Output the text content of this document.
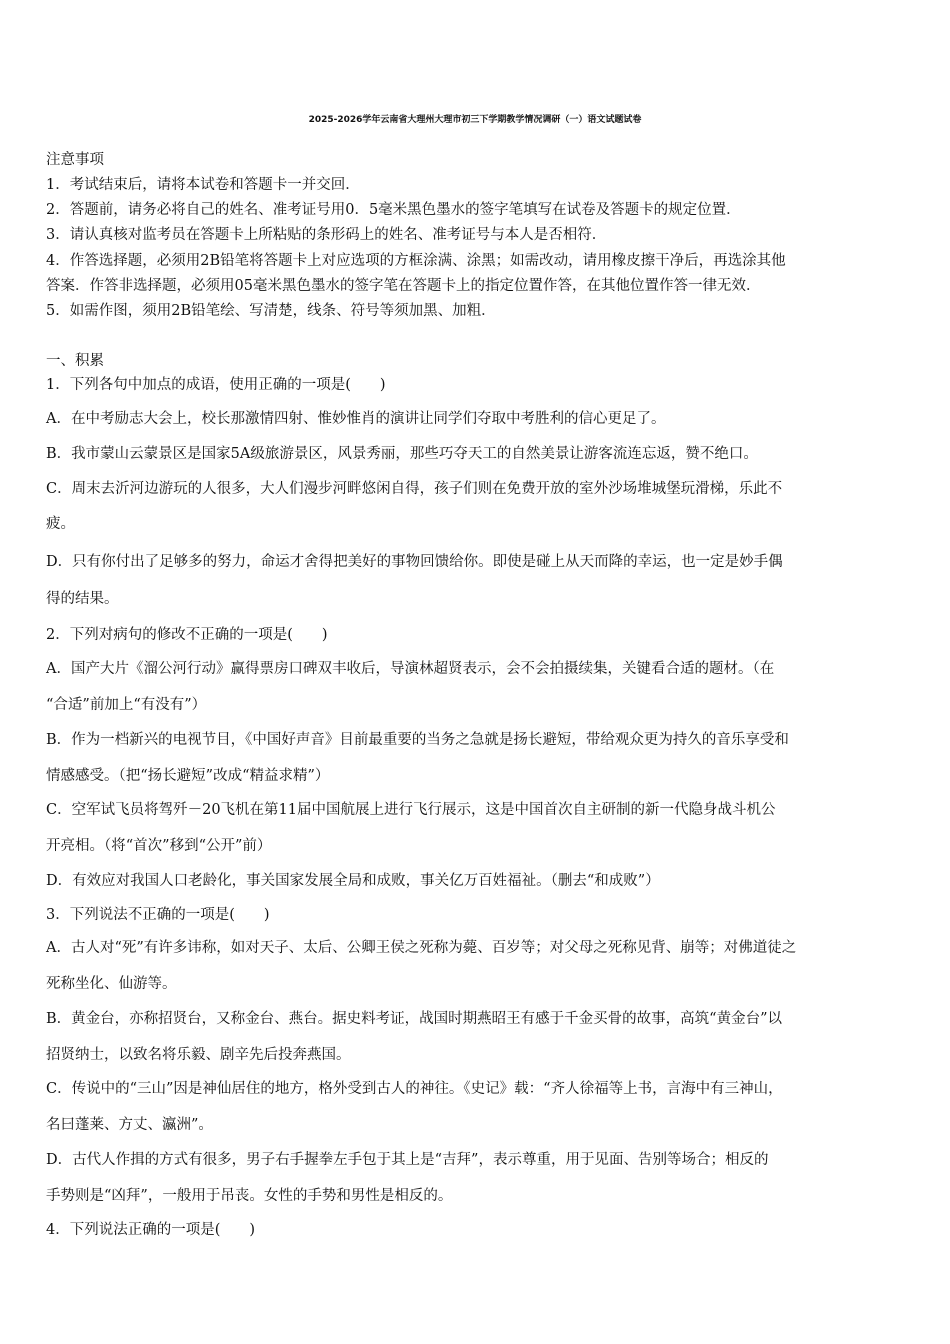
2025-2026学年云南省大理州大理市初三下学期教学情况调研（一）语文试题试卷
注意事项
1．考试结束后，请将本试卷和答题卡一并交回．
2．答题前，请务必将自己的姓名、准考证号用0．5毫米黑色墨水的签字笔填写在试卷及答题卡的规定位置．
3．请认真核对监考员在答题卡上所粘贴的条形码上的姓名、准考证号与本人是否相符．
4．作答选择题，必须用2B铅笔将答题卡上对应选项的方框涂满、涂黑；如需改动，请用橡皮擦干净后，再选涂其他
答案．作答非选择题，必须用05毫米黑色墨水的签字笔在答题卡上的指定位置作答，在其他位置作答一律无效．
5．如需作图，须用2B铅笔绘、写清楚，线条、符号等须加黑、加粗．
一、积累
1．下列各句中加点的成语，使用正确的一项是(　　)
A．在中考励志大会上，校长那激情四射、惟妙惟肖的演讲让同学们夺取中考胜利的信心更足了。
B．我市蒙山云蒙景区是国家5A级旅游景区，风景秀丽，那些巧夺天工的自然美景让游客流连忘返，赞不绝口。
C．周末去沂河边游玩的人很多，大人们漫步河畔悠闲自得，孩子们则在免费开放的室外沙场堆城堡玩滑梯，乐此不
疲。
D．只有你付出了足够多的努力，命运才舍得把美好的事物回馈给你。即使是碰上从天而降的幸运，也一定是妙手偶
得的结果。
2．下列对病句的修改不正确的一项是(　　)
A．国产大片《溜公河行动》赢得票房口碑双丰收后，导演林超贤表示，会不会拍摄续集，关键看合适的题材。（在
“合适”前加上“有没有”）
B．作为一档新兴的电视节目，《中国好声音》目前最重要的当务之急就是扬长避短，带给观众更为持久的音乐享受和
情感感受。（把“扬长避短”改成“精益求精”）
C．空军试飞员将驾歼－20飞机在第11届中国航展上进行飞行展示，这是中国首次自主研制的新一代隐身战斗机公
开亮相。（将“首次”移到“公开”前）
D．有效应对我国人口老龄化，事关国家发展全局和成败，事关亿万百姓福祉。（删去“和成败”）
3．下列说法不正确的一项是(　　)
A．古人对“死”有许多讳称，如对天子、太后、公卿王侯之死称为薨、百岁等；对父母之死称见背、崩等；对佛道徒之
死称坐化、仙游等。
B．黄金台，亦称招贤台，又称金台、燕台。据史料考证，战国时期燕昭王有感于千金买骨的故事，高筑“黄金台”以
招贤纳士，以致名将乐毅、剧辛先后投奔燕国。
C．传说中的“三山”因是神仙居住的地方，格外受到古人的神往。《史记》载：“齐人徐福等上书，言海中有三神山，
名曰蓬莱、方丈、瀛洲”。
D．古代人作揖的方式有很多，男子右手握拳左手包于其上是“吉拜”，表示尊重，用于见面、告别等场合；相反的
手势则是“凶拜”，一般用于吊丧。女性的手势和男性是相反的。
4．下列说法正确的一项是(　　)
